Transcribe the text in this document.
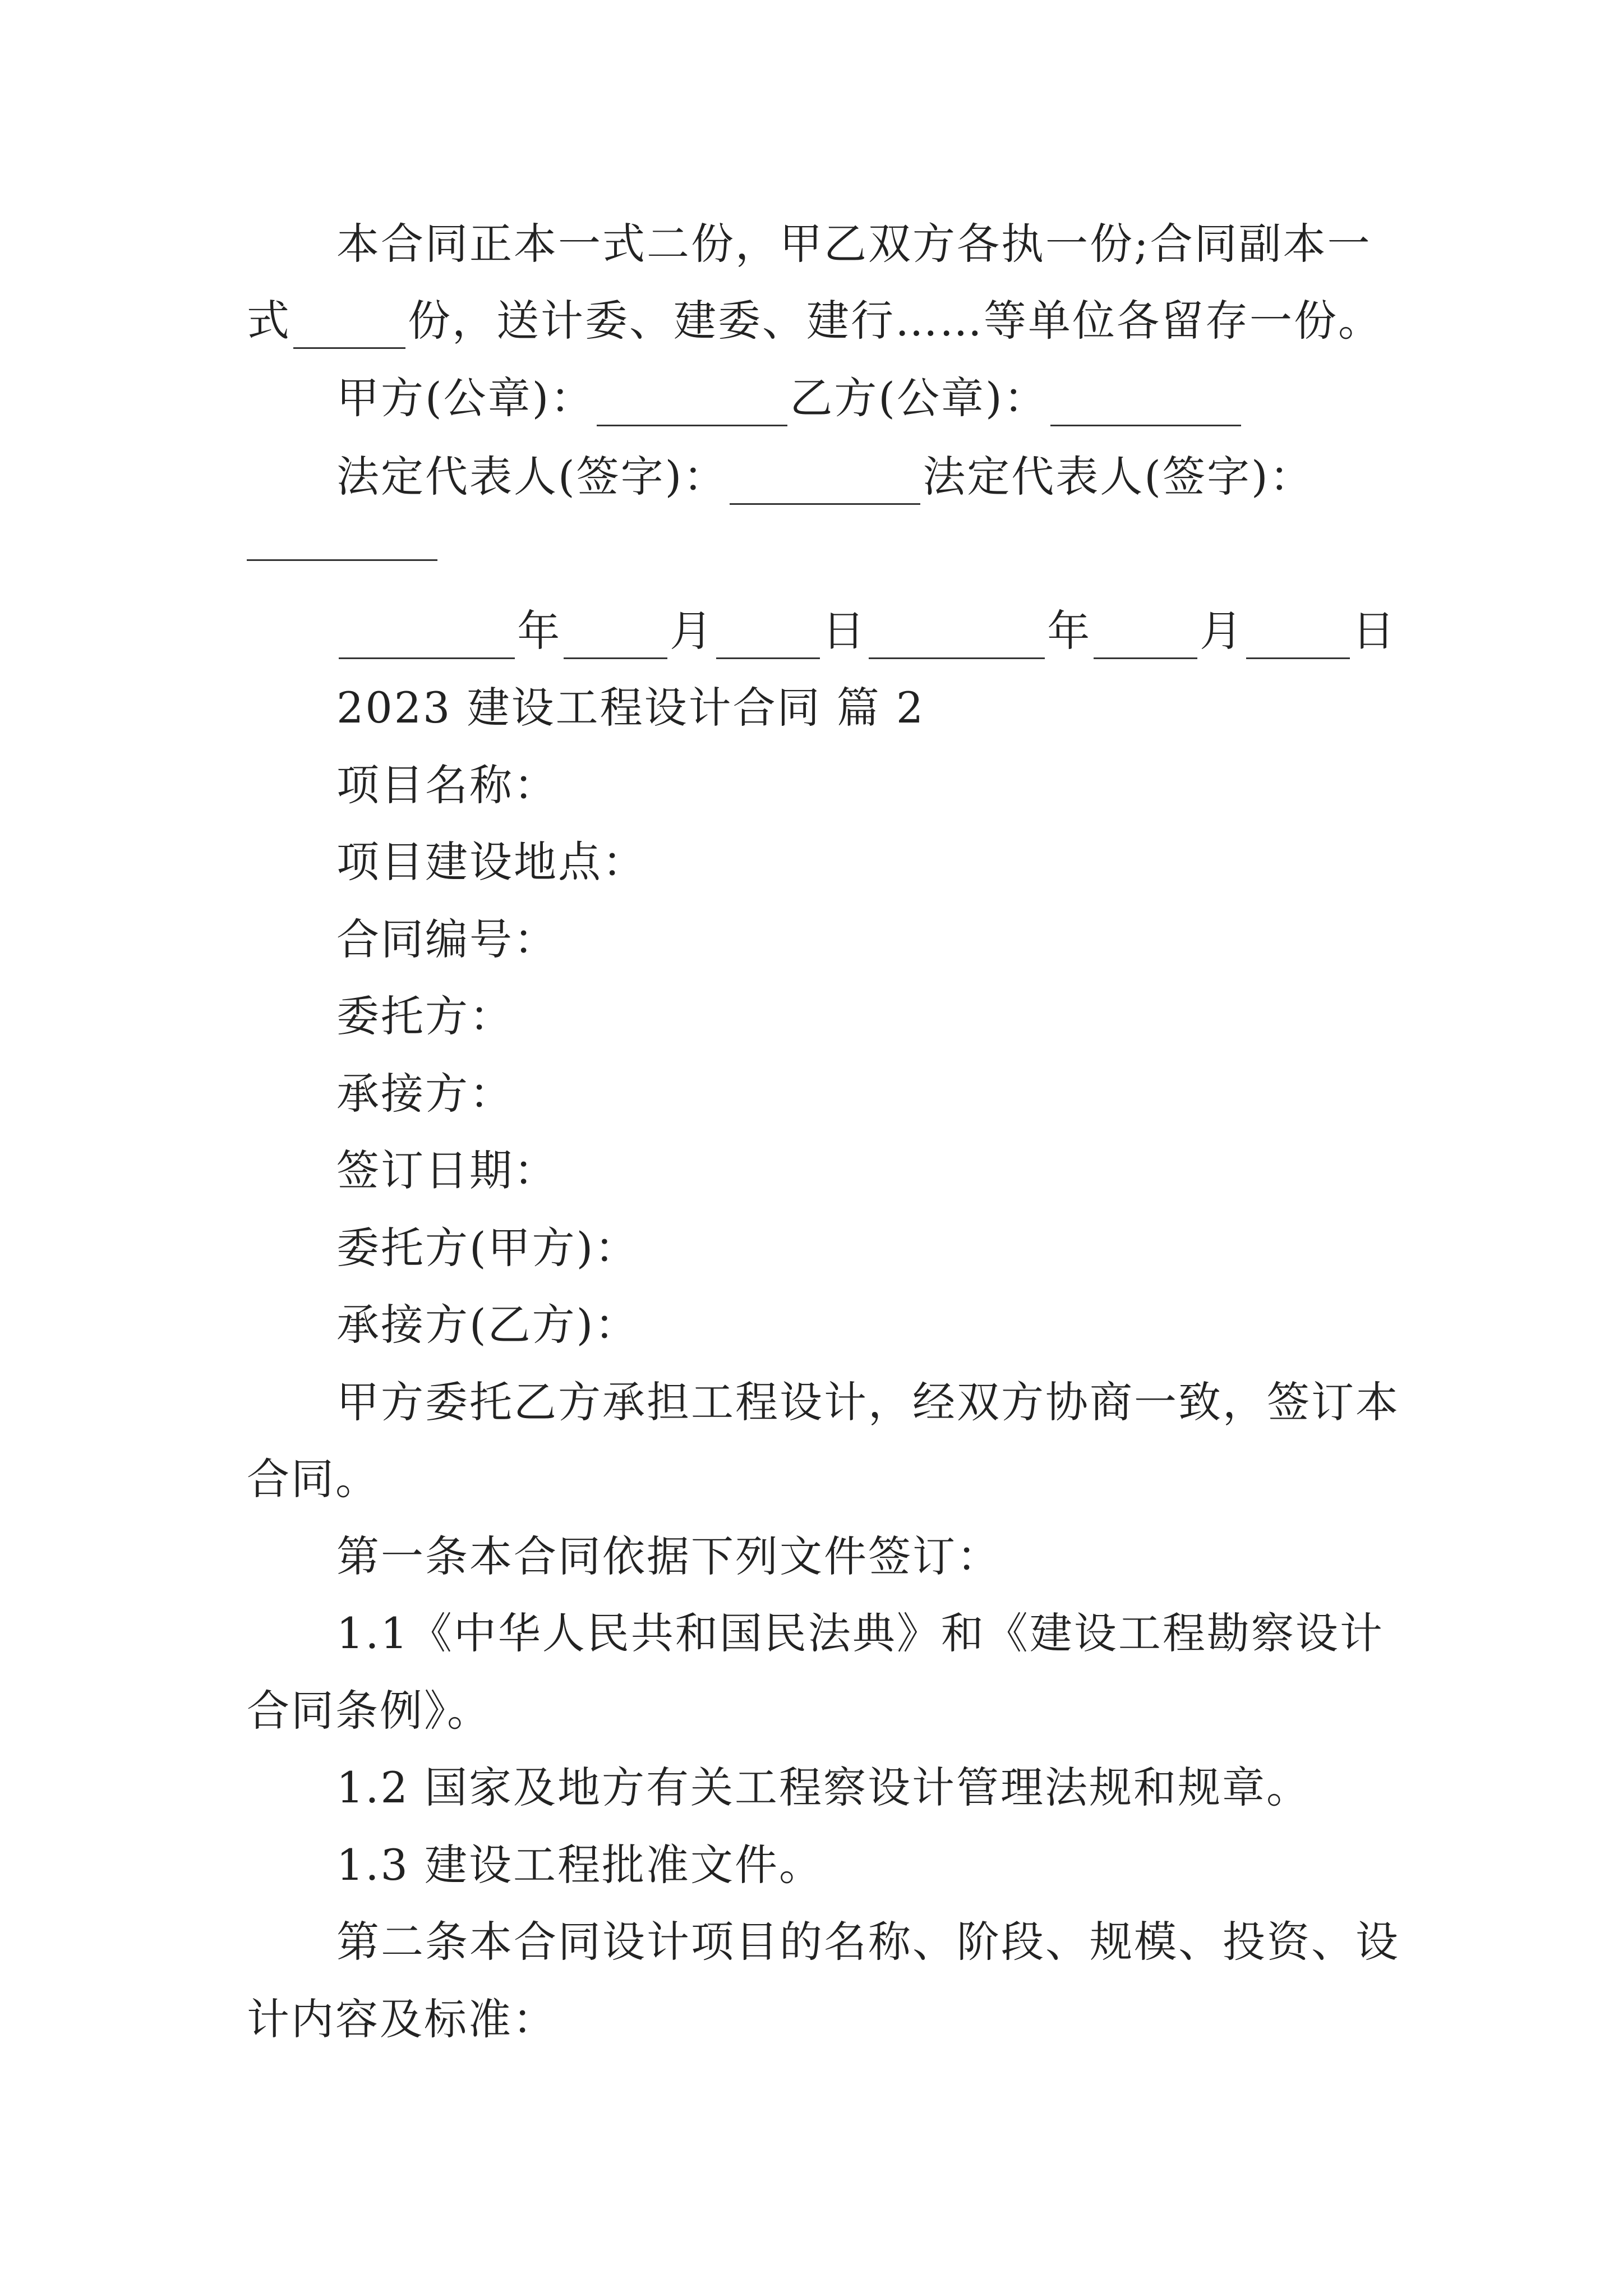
本合同正本一式二份，甲乙双方各执一份;合同副本一
式	份，送计委、建委、建行……等单位各留存一份。
甲方(公章)：	乙方(公章)：
法定代表人(签字)：	法定代表人(签字)：
年	月	日	年	月	日
2023 建设工程设计合同 篇 2
项目名称：
项目建设地点：
合同编号：
委托方：
承接方：
签订日期：
委托方(甲方)：
承接方(乙方)：
甲方委托乙方承担工程设计，经双方协商一致，签订本
合同。
第一条本合同依据下列文件签订：
1.1《中华人民共和国民法典》和《建设工程勘察设计
合同条例》。
1.2 国家及地方有关工程察设计管理法规和规章。
1.3 建设工程批准文件。
第二条本合同设计项目的名称、阶段、规模、投资、设
计内容及标准：
